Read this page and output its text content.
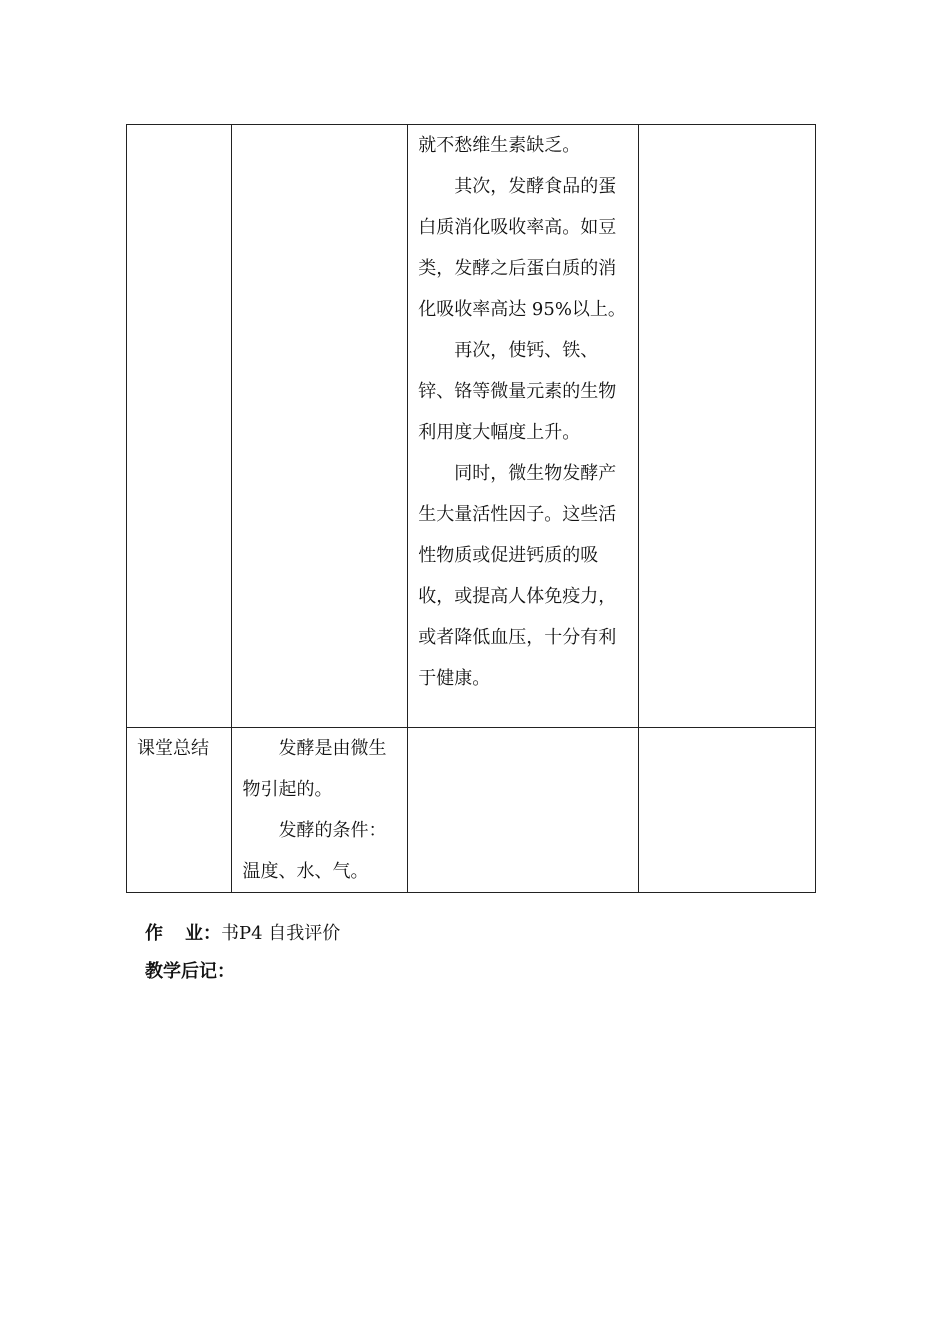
		就不愁维生素缺乏。

其次，发酵食品的蛋白质消化吸收率高。如豆类，发酵之后蛋白质的消化吸收率高达 95%以上。

再次，使钙、铁、锌、铬等微量元素的生物利用度大幅度上升。

同时，微生物发酵产生大量活性因子。这些活性物质或促进钙质的吸收，或提高人体免疫力，或者降低血压，十分有利于健康。	

课堂总结	发酵是由微生物引起的。

发酵的条件：温度、水、气。		

作 业：书P4 自我评价
教学后记：
